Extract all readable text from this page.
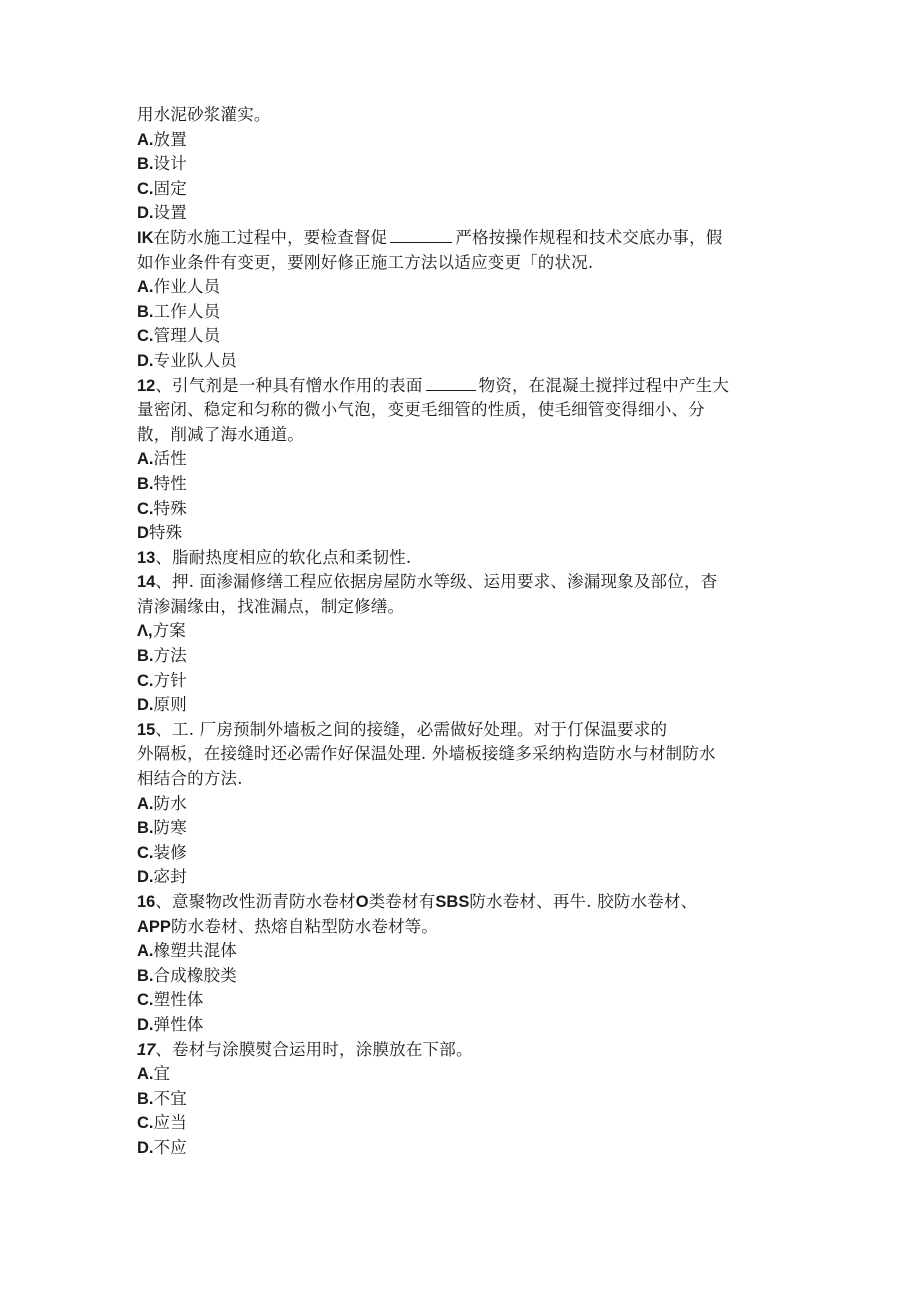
用水泥砂浆灌实。
A.放置
B.设计
C.固定
D.设置
IK在防水施工过程中，要检查督促	严格按操作规程和技术交底办事，假
如作业条件有变更，要刚好修正施工方法以适应变更「的状况.
A.作业人员
B.工作人员
C.管理人员
D.专业队人员
12、引气剂是一种具有憎水作用的表面	物资，在混凝土搅拌过程中产生大
量密闭、稳定和匀称的微小气泡，变更毛细管的性质，使毛细管变得细小、分
散，削减了海水通道。
A.活性
B.特性
C.特殊
D特殊
13、脂耐热度相应的软化点和柔韧性.
14、押. 面渗漏修缮工程应依据房屋防水等级、运用要求、渗漏现象及部位，杳
清渗漏缘由，找准漏点，制定修缮。
Λ,方案
B.方法
C.方针
D.原则
15、工. 厂房预制外墙板之间的接缝，必需做好处理。对于仃保温要求的
外隔板，在接缝时还必需作好保温处理. 外墙板接缝多采纳构造防水与材制防水
相结合的方法.
A.防水
B.防寒
C.装修
D.宓封
16、意聚物改性沥青防水卷材O类卷材有SBS防水卷材、再牛. 胶防水卷材、
APP防水卷材、热熔自粘型防水卷材等。
A.橡塑共混体
B.合成橡胶类
C.塑性体
D.弹性体
17、卷材与涂膜熨合运用时，涂膜放在下部。
A.宜
B.不宜
C.应当
D.不应
